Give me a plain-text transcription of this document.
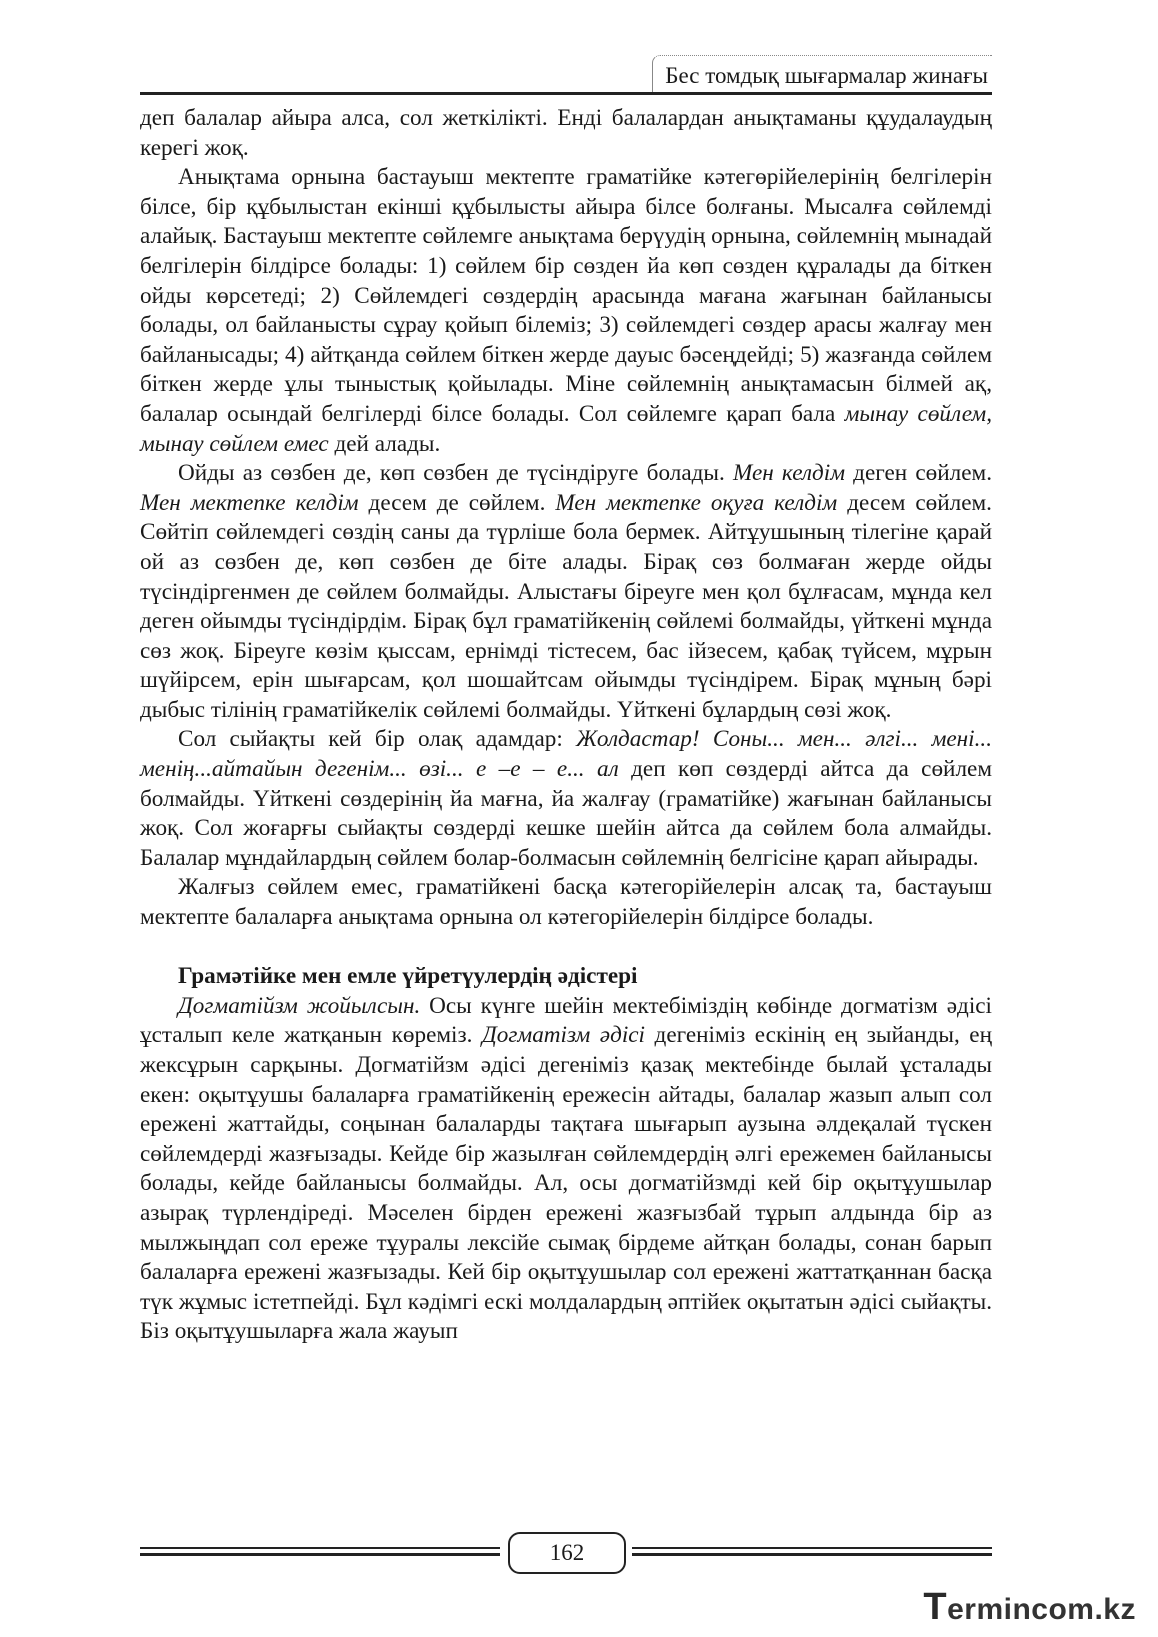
Бес томдық шығармалар жинағы

деп балалар айыра алса, сол жеткілікті. Енді балалардан анықтаманы құудалаудың керегі жоқ.

Анықтама орнына бастауыш мектепте граматійке кәтегөрійелерінің белгілерін білсе, бір құбылыстан екінші құбылысты айыра білсе болғаны. Мысалға сөйлемді алайық. Бастауыш мектепте сөйлемге анықтама берүудің орнына, сөйлемнің мынадай белгілерін білдірсе болады: 1) сөйлем бір сөзден йа көп сөзден құралады да біткен ойды көрсетеді; 2) Сөйлемдегі сөздердің арасында мағана жағынан байланысы болады, ол байланысты сұрау қойып білеміз; 3) сөйлемдегі сөздер арасы жалғау мен байланысады; 4) айтқанда сөйлем біткен жерде дауыс бәсеңдейді; 5) жазғанда сөйлем біткен жерде ұлы тыныстық қойылады. Міне сөйлемнің анықтамасын білмей ақ, балалар осындай белгілерді білсе болады. Сол сөйлемге қарап бала мынау сөйлем, мынау сөйлем емес дей алады.

Ойды аз сөзбен де, көп сөзбен де түсіндіруге болады. Мен келдім деген сөйлем. Мен мектепке келдім десем де сөйлем. Мен мектепке оқуға келдім десем сөйлем. Сөйтіп сөйлемдегі сөздің саны да түрліше бола бермек. Айтұушының тілегіне қарай ой аз сөзбен де, көп сөзбен де біте алады. Бірақ сөз болмаған жерде ойды түсіндіргенмен де сөйлем болмайды. Алыстағы біреуге мен қол бұлғасам, мұнда кел деген ойымды түсіндірдім. Бірақ бұл граматійкенің сөйлемі болмайды, үйткені мұнда сөз жоқ. Біреуге көзім қыссам, ернімді тістесем, бас ійзесем, қабақ түйсем, мұрын шүйірсем, ерін шығарсам, қол шошайтсам ойымды түсіндірем. Бірақ мұның бәрі дыбыс тілінің граматійкелік сөйлемі болмайды. Үйткені бұлардың сөзі жоқ.

Сол сыйақты кей бір олақ адамдар: Жолдастар! Соны... мен... әлгі... мені... менің...айтайын дегенім... өзі... е –е – е... ал деп көп сөздерді айтса да сөйлем болмайды. Үйткені сөздерінің йа мағна, йа жалғау (граматійке) жағынан байланысы жоқ. Сол жоғарғы сыйақты сөздерді кешке шейін айтса да сөйлем бола алмайды. Балалар мұндайлардың сөйлем болар-болмасын сөйлемнің белгісіне қарап айырады.

Жалғыз сөйлем емес, граматійкені басқа кәтегорійелерін алсақ та, бастауыш мектепте балаларға анықтама орнына ол кәтегорійелерін білдірсе болады.

Грамәтійке мен емле үйретүулердің әдістері

Догматійзм жойылсын. Осы күнге шейін мектебіміздің көбінде догматізм әдісі ұсталып келе жатқанын көреміз. Догматізм әдісі дегеніміз ескінің ең зыйанды, ең жексұрын сарқыны. Догматійзм әдісі дегеніміз қазақ мектебінде былай ұсталады екен: оқытұушы балаларға граматійкенің ережесін айтады, балалар жазып алып сол ережені жаттайды, соңынан балаларды тақтаға шығарып аузына әлдеқалай түскен сөйлемдерді жазғызады. Кейде бір жазылған сөйлемдердің әлгі ережемен байланысы болады, кейде байланысы болмайды. Ал, осы догматійзмді кей бір оқытұушылар азырақ түрлендіреді. Мәселен бірден ережені жазғызбай тұрып алдында бір аз мылжыңдап сол ереже тұуралы лексійе сымақ бірдеме айтқан болады, сонан барып балаларға ережені жазғызады. Кей бір оқытұушылар сол ережені жаттатқаннан басқа түк жұмыс істетпейді. Бұл кәдімгі ескі молдалардың әптійек оқытатын әдісі сыйақты. Біз оқытұушыларға жала жауып

162
Termincom.kz
